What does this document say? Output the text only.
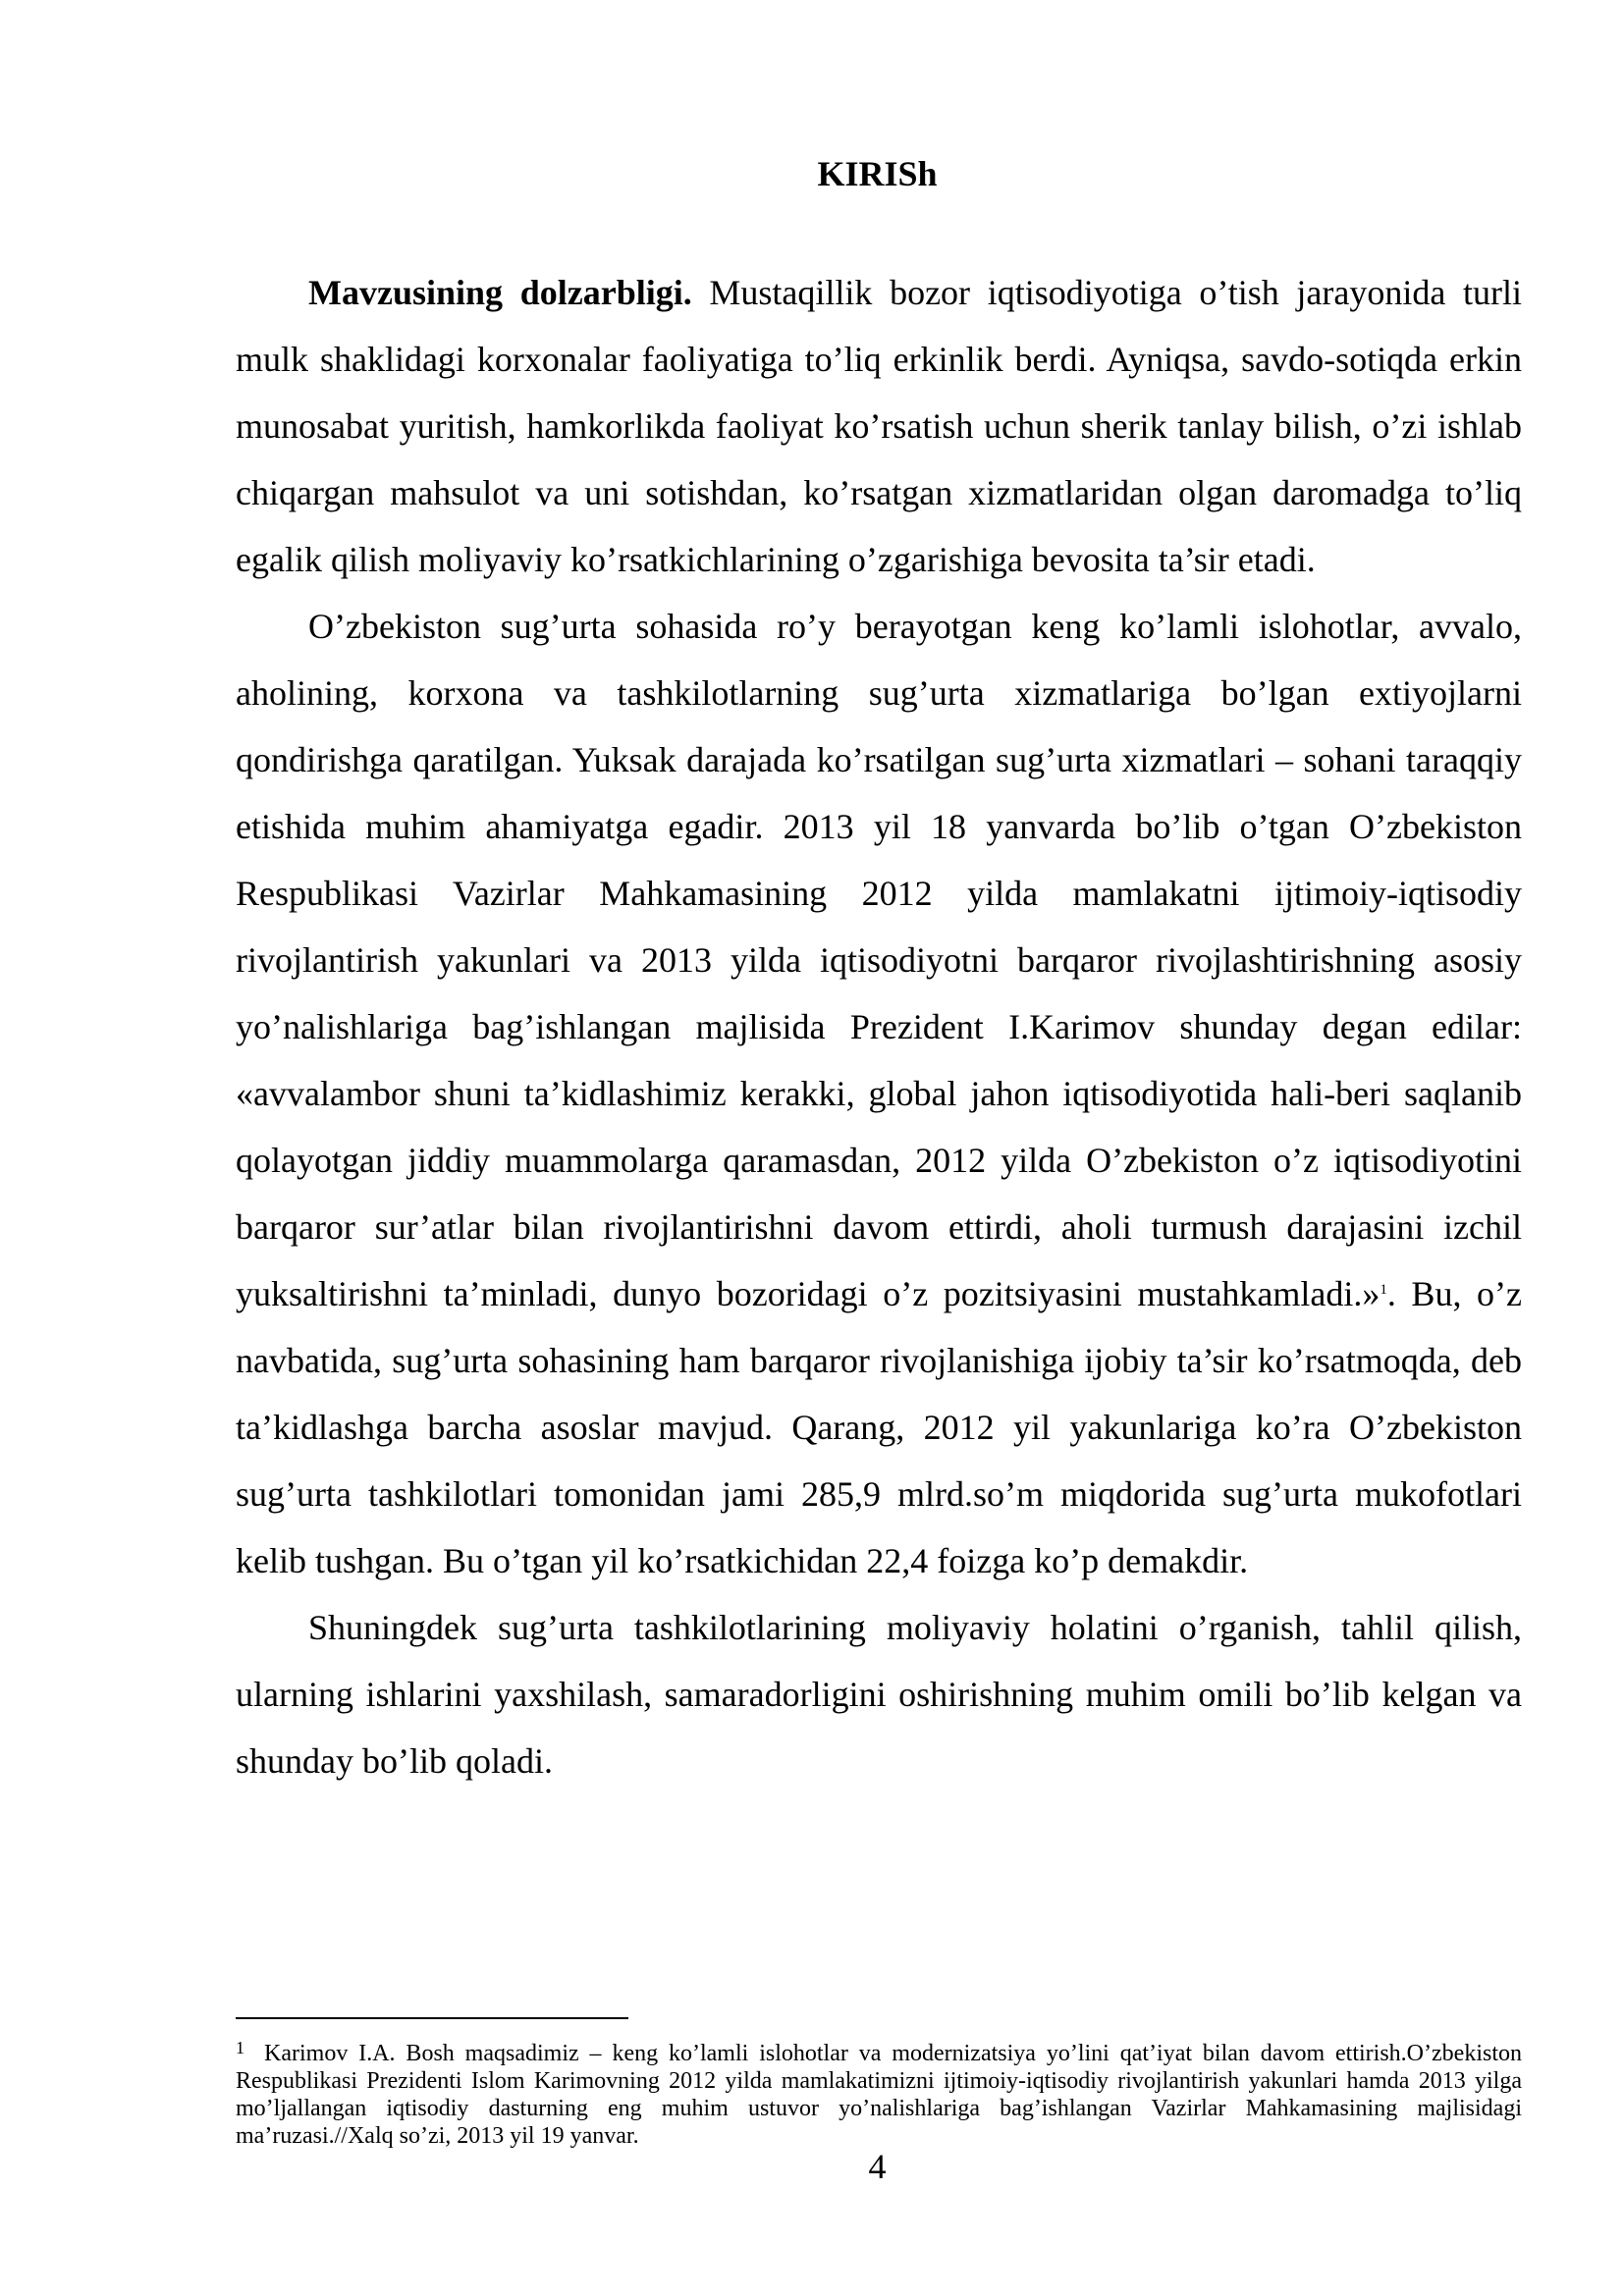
KIRISh

Mavzusining dolzarbligi. Mustaqillik bozor iqtisodiyotiga o’tish jarayonida turli mulk shaklidagi korxonalar faoliyatiga to’liq erkinlik berdi. Ayniqsa, savdo-sotiqda erkin munosabat yuritish, hamkorlikda faoliyat ko’rsatish uchun sherik tanlay bilish, o’zi ishlab chiqargan mahsulot va uni sotishdan, ko’rsatgan xizmatlaridan olgan daromadga to’liq egalik qilish moliyaviy ko’rsatkichlarining o’zgarishiga bevosita ta’sir etadi.

O’zbekiston sug’urta sohasida ro’y berayotgan keng ko’lamli islohotlar, avvalo, aholining, korxona va tashkilotlarning sug’urta xizmatlariga bo’lgan extiyojlarni qondirishga qaratilgan. Yuksak darajada ko’rsatilgan sug’urta xizmatlari – sohani taraqqiy etishida muhim ahamiyatga egadir. 2013 yil 18 yanvarda bo’lib o’tgan O’zbekiston Respublikasi Vazirlar Mahkamasining 2012 yilda mamlakatni ijtimoiy-iqtisodiy rivojlantirish yakunlari va 2013 yilda iqtisodiyotni barqaror rivojlashtirishning asosiy yo’nalishlariga bag’ishlangan majlisida Prezident I.Karimov shunday degan edilar: «avvalambor shuni ta’kidlashimiz kerakki, global jahon iqtisodiyotida hali-beri saqlanib qolayotgan jiddiy muammolarga qaramasdan, 2012 yilda O’zbekiston o’z iqtisodiyotini barqaror sur’atlar bilan rivojlantirishni davom ettirdi, aholi turmush darajasini izchil yuksaltirishni ta’minladi, dunyo bozoridagi o’z pozitsiyasini mustahkamladi.»$^1$. Bu, o’z navbatida, sug’urta sohasining ham barqaror rivojlanishiga ijobiy ta’sir ko’rsatmoqda, deb ta’kidlashga barcha asoslar mavjud. Qarang, 2012 yil yakunlariga ko’ra O’zbekiston sug’urta tashkilotlari tomonidan jami 285,9 mlrd.so’m miqdorida sug’urta mukofotlari kelib tushgan. Bu o’tgan yil ko’rsatkichidan 22,4 foizga ko’p demakdir.

Shuningdek sug’urta tashkilotlarining moliyaviy holatini o’rganish, tahlil qilish, ularning ishlarini yaxshilash, samaradorligini oshirishning muhim omili bo’lib kelgan va shunday bo’lib qoladi.

$^1$ Karimov I.A. Bosh maqsadimiz – keng ko’lamli islohotlar va modernizatsiya yo’lini qat’iyat bilan davom ettirish.O’zbekiston Respublikasi Prezidenti Islom Karimovning 2012 yilda mamlakatimizni ijtimoiy-iqtisodiy rivojlantirish yakunlari hamda 2013 yilga mo’ljallangan iqtisodiy dasturning eng muhim ustuvor yo’nalishlariga bag’ishlangan Vazirlar Mahkamasining majlisidagi ma’ruzasi.//Xalq so’zi, 2013 yil 19 yanvar.
4
